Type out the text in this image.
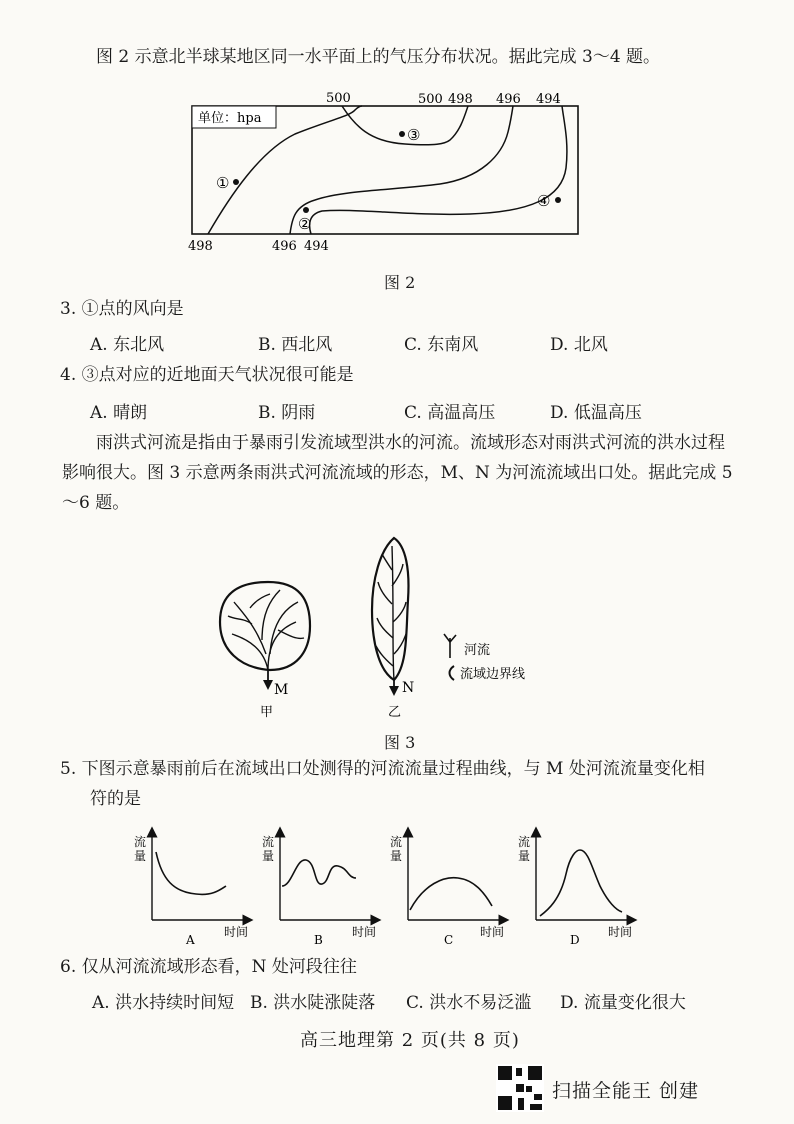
图 2 示意北半球某地区同一水平面上的气压分布状况。据此完成 3～4 题。
单位：hpa
①
②
③
④
500	500 498 496 494
498	496 494
图 2
3. ①点的风向是
A. 东北风	B. 西北风	C. 东南风	D. 北风
4. ③点对应的近地面天气状况很可能是
A. 晴朗	B. 阴雨	C. 高温高压	D. 低温高压
雨洪式河流是指由于暴雨引发流域型洪水的河流。流域形态对雨洪式河流的洪水过程影响很大。图 3 示意两条雨洪式河流流域的形态，M、N 为河流流域出口处。据此完成 5～6 题。
M
甲
N
乙
河流
流域边界线
图 3
5. 下图示意暴雨前后在流域出口处测得的河流流量过程曲线，与 M 处河流流量变化相
符的是
流
量
时间
A
流
量
时间
B
流
量
时间
C
流
量
时间
D
6. 仅从河流流域形态看，N 处河段往往
A. 洪水持续时间短 B. 洪水陡涨陡落 C. 洪水不易泛滥 D. 流量变化很大
高三地理第 2 页(共 8 页)
扫描全能王 创建
